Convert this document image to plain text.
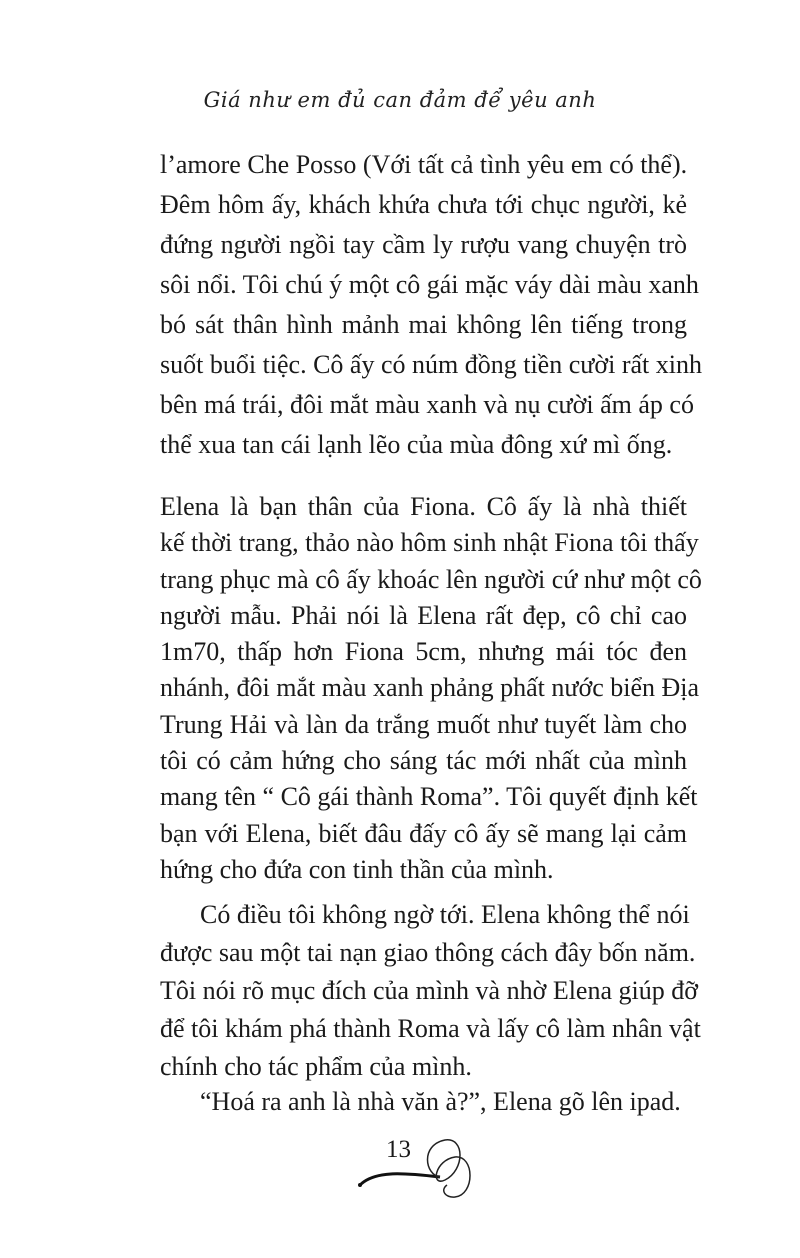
Giá như em đủ can đảm để yêu anh
l’amore Che Posso (Với tất cả tình yêu em có thể).
Đêm hôm ấy, khách khứa chưa tới chục người, kẻ
đứng người ngồi tay cầm ly rượu vang chuyện trò
sôi nổi. Tôi chú ý một cô gái mặc váy dài màu xanh
bó sát thân hình mảnh mai không lên tiếng trong
suốt buổi tiệc. Cô ấy có núm đồng tiền cười rất xinh
bên má trái, đôi mắt màu xanh và nụ cười ấm áp có
thể xua tan cái lạnh lẽo của mùa đông xứ mì ống.
Elena là bạn thân của Fiona. Cô ấy là nhà thiết
kế thời trang, thảo nào hôm sinh nhật Fiona tôi thấy
trang phục mà cô ấy khoác lên người cứ như một cô
người mẫu. Phải nói là Elena rất đẹp, cô chỉ cao
1m70, thấp hơn Fiona 5cm, nhưng mái tóc đen
nhánh, đôi mắt màu xanh phảng phất nước biển Địa
Trung Hải và làn da trắng muốt như tuyết làm cho
tôi có cảm hứng cho sáng tác mới nhất của mình
mang tên “ Cô gái thành Roma”. Tôi quyết định kết
bạn với Elena, biết đâu đấy cô ấy sẽ mang lại cảm
hứng cho đứa con tinh thần của mình.
Có điều tôi không ngờ tới. Elena không thể nói
được sau một tai nạn giao thông cách đây bốn năm.
Tôi nói rõ mục đích của mình và nhờ Elena giúp đỡ
để tôi khám phá thành Roma và lấy cô làm nhân vật
chính cho tác phẩm của mình.
“Hoá ra anh là nhà văn à?”, Elena gõ lên ipad.
13
